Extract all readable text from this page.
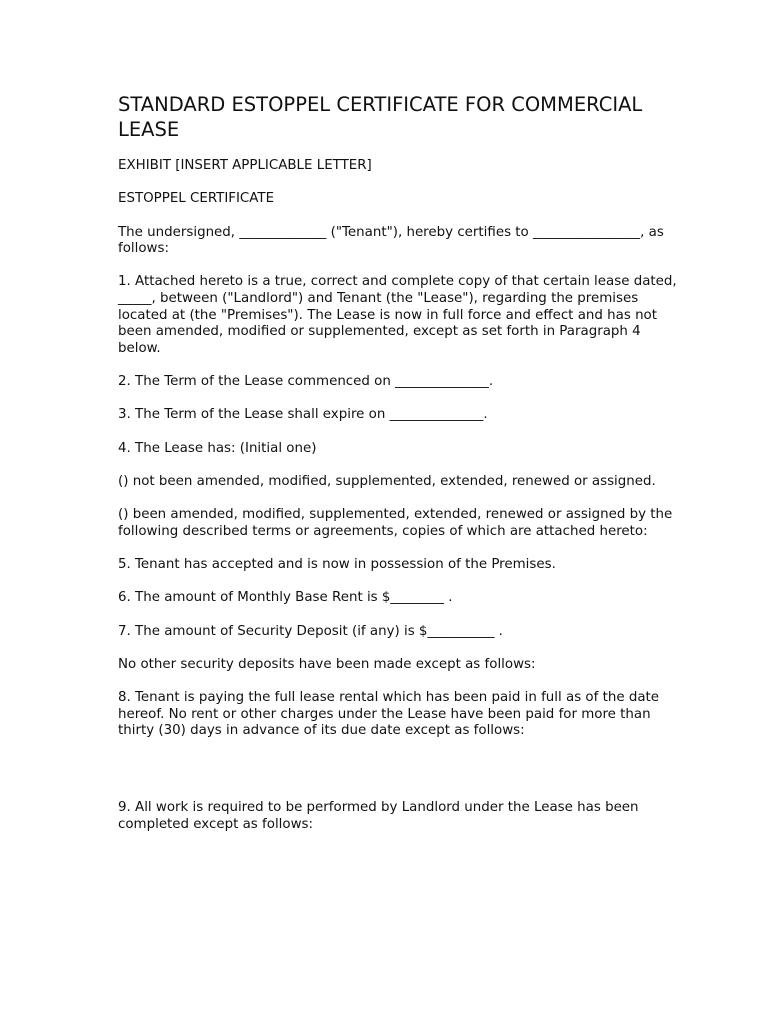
STANDARD ESTOPPEL CERTIFICATE FOR COMMERCIAL LEASE

EXHIBIT [INSERT APPLICABLE LETTER]

ESTOPPEL CERTIFICATE

The undersigned, _____________ ("Tenant"), hereby certifies to ________________, as follows:

1. Attached hereto is a true, correct and complete copy of that certain lease dated, _____, between ("Landlord") and Tenant (the "Lease"), regarding the premises located at (the "Premises"). The Lease is now in full force and effect and has not been amended, modified or supplemented, except as set forth in Paragraph 4 below.

2. The Term of the Lease commenced on ______________.

3. The Term of the Lease shall expire on ______________.

4. The Lease has: (Initial one)

() not been amended, modified, supplemented, extended, renewed or assigned.

() been amended, modified, supplemented, extended, renewed or assigned by the following described terms or agreements, copies of which are attached hereto:

5. Tenant has accepted and is now in possession of the Premises.

6. The amount of Monthly Base Rent is $________ .

7. The amount of Security Deposit (if any) is $__________ .

No other security deposits have been made except as follows:

8. Tenant is paying the full lease rental which has been paid in full as of the date hereof. No rent or other charges under the Lease have been paid for more than thirty (30) days in advance of its due date except as follows:

9. All work is required to be performed by Landlord under the Lease has been completed except as follows:
